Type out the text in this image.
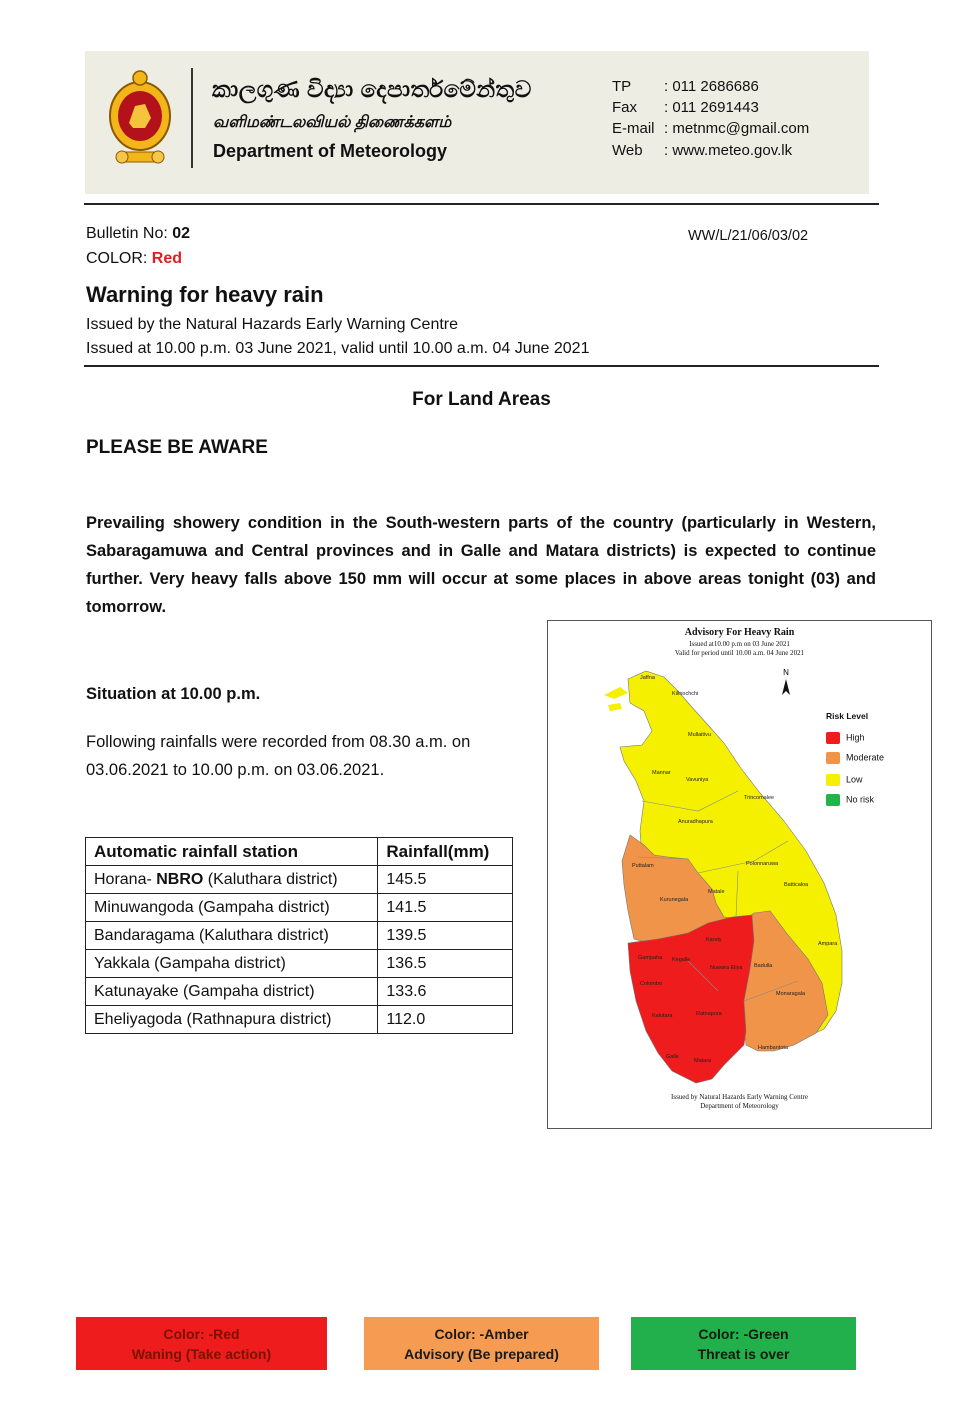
කාලගුණ විද්‍යා දෙපාර්තමේන්තුව
வளிமண்டலவியல் திணைக்களம்
Department of Meteorology
TP : 011 2686686
Fax : 011 2691443
E-mail : metnmc@gmail.com
Web : www.meteo.gov.lk
Bulletin No: 02
COLOR: Red
WW/L/21/06/03/02
Warning for heavy rain
Issued by the Natural Hazards Early Warning Centre
Issued at 10.00 p.m. 03 June 2021, valid until 10.00 a.m. 04 June 2021
For Land Areas
PLEASE BE AWARE
Prevailing showery condition in the South-western parts of the country (particularly in Western, Sabaragamuwa and Central provinces and in Galle and Matara districts) is expected to continue further. Very heavy falls above 150 mm will occur at some places in above areas tonight (03) and tomorrow.
Situation at 10.00 p.m.
Following rainfalls were recorded from 08.30 a.m. on 03.06.2021 to 10.00 p.m. on 03.06.2021.
Automatic rainfall station	Rainfall(mm)
Horana- NBRO (Kaluthara district)	145.5
Minuwangoda (Gampaha district)	141.5
Bandaragama (Kaluthara district)	139.5
Yakkala (Gampaha district)	136.5
Katunayake (Gampaha district)	133.6
Eheliyagoda (Rathnapura district)	112.0
Advisory For Heavy Rain
Issued at10.00 p.m on 03 June 2021
Valid for period until 10.00 a.m. 04 June 2021
Issued by Natural Hazards Early Warning Centre
Department of Meteorology
N
Jaffna
Kilinochchi
Mullaitivu
Mannar
Vavuniya
Trincomalee
Anuradhapura
Puttalam	Polonnaruwa
Kurunegala
Matale
Batticaloa
Kandy
Ampara
Gampaha Kegalle
Colombo
Nuwara Eliya Badulla
Kalutara	Ratnapura
Monaragala
Galle
Matara
Hambantota
Risk Level
High
Moderate
Low
No risk
Color: -Red
Waning (Take action)
Color: -Amber
Advisory (Be prepared)
Color: -Green
Threat is over
